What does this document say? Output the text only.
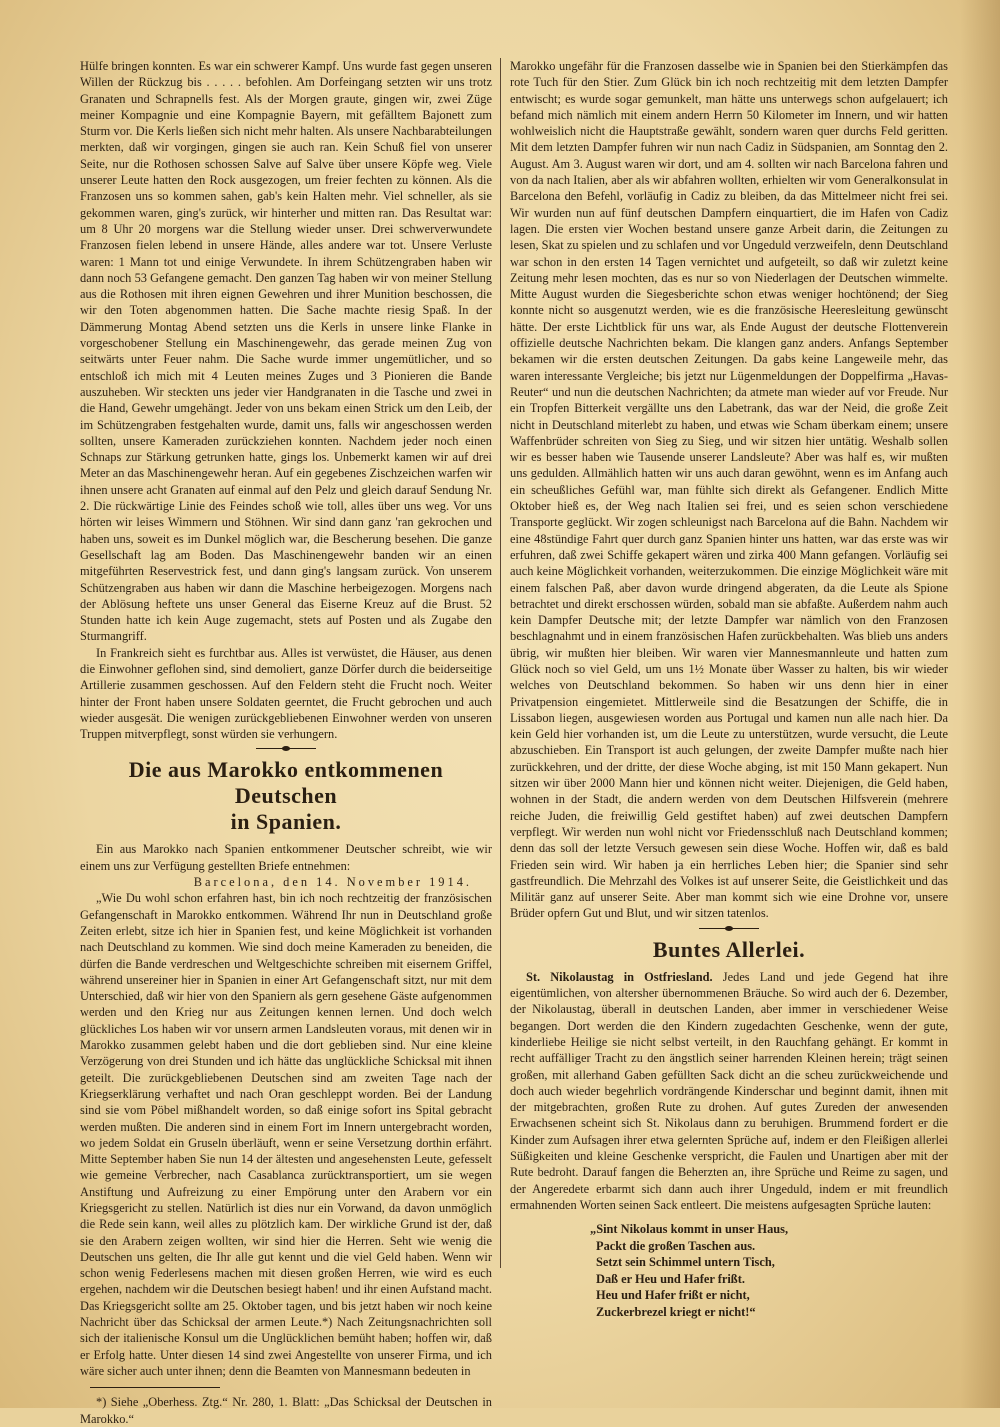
Hülfe bringen konnten. Es war ein schwerer Kampf. Uns wurde fast gegen unseren Willen der Rückzug bis . . . . . befohlen. Am Dorfeingang setzten wir uns trotz Granaten und Schrapnells fest. Als der Morgen graute, gingen wir, zwei Züge meiner Kompagnie und eine Kompagnie Bayern, mit gefälltem Bajonett zum Sturm vor. Die Kerls ließen sich nicht mehr halten. Als unsere Nachbarabteilungen merkten, daß wir vorgingen, gingen sie auch ran. Kein Schuß fiel von unserer Seite, nur die Rothosen schossen Salve auf Salve über unsere Köpfe weg. Viele unserer Leute hatten den Rock ausgezogen, um freier fechten zu können. Als die Franzosen uns so kommen sahen, gab's kein Halten mehr. Viel schneller, als sie gekommen waren, ging's zurück, wir hinterher und mitten ran. Das Resultat war: um 8 Uhr 20 morgens war die Stellung wieder unser. Drei schwerverwundete Franzosen fielen lebend in unsere Hände, alles andere war tot. Unsere Verluste waren: 1 Mann tot und einige Verwundete. In ihrem Schützengraben haben wir dann noch 53 Gefangene gemacht. Den ganzen Tag haben wir von meiner Stellung aus die Rothosen mit ihren eignen Gewehren und ihrer Munition beschossen, die wir den Toten abgenommen hatten. Die Sache machte riesig Spaß. In der Dämmerung Montag Abend setzten uns die Kerls in unsere linke Flanke in vorgeschobener Stellung ein Maschinengewehr, das gerade meinen Zug von seitwärts unter Feuer nahm. Die Sache wurde immer ungemütlicher, und so entschloß ich mich mit 4 Leuten meines Zuges und 3 Pionieren die Bande auszuheben. Wir steckten uns jeder vier Handgranaten in die Tasche und zwei in die Hand, Gewehr umgehängt. Jeder von uns bekam einen Strick um den Leib, der im Schützengraben festgehalten wurde, damit uns, falls wir angeschossen werden sollten, unsere Kameraden zurückziehen konnten. Nachdem jeder noch einen Schnaps zur Stärkung getrunken hatte, gings los. Unbemerkt kamen wir auf drei Meter an das Maschinengewehr heran. Auf ein gegebenes Zischzeichen warfen wir ihnen unsere acht Granaten auf einmal auf den Pelz und gleich darauf Sendung Nr. 2. Die rückwärtige Linie des Feindes schoß wie toll, alles über uns weg. Vor uns hörten wir leises Wimmern und Stöhnen. Wir sind dann ganz 'ran gekrochen und haben uns, soweit es im Dunkel möglich war, die Bescherung besehen. Die ganze Gesellschaft lag am Boden. Das Maschinengewehr banden wir an einen mitgeführten Reservestrick fest, und dann ging's langsam zurück. Von unserem Schützengraben aus haben wir dann die Maschine herbeigezogen. Morgens nach der Ablösung heftete uns unser General das Eiserne Kreuz auf die Brust. 52 Stunden hatte ich kein Auge zugemacht, stets auf Posten und als Zugabe den Sturmangriff.

In Frankreich sieht es furchtbar aus. Alles ist verwüstet, die Häuser, aus denen die Einwohner geflohen sind, sind demoliert, ganze Dörfer durch die beiderseitige Artillerie zusammen geschossen. Auf den Feldern steht die Frucht noch. Weiter hinter der Front haben unsere Soldaten geerntet, die Frucht gebrochen und auch wieder ausgesät. Die wenigen zurückgebliebenen Einwohner werden von unseren Truppen mitverpflegt, sonst würden sie verhungern.

Die aus Marokko entkommenen Deutschen
in Spanien.

Ein aus Marokko nach Spanien entkommener Deutscher schreibt, wie wir einem uns zur Verfügung gestellten Briefe entnehmen:

Barcelona, den 14. November 1914.

„Wie Du wohl schon erfahren hast, bin ich noch rechtzeitig der französischen Gefangenschaft in Marokko entkommen. Während Ihr nun in Deutschland große Zeiten erlebt, sitze ich hier in Spanien fest, und keine Möglichkeit ist vorhanden nach Deutschland zu kommen. Wie sind doch meine Kameraden zu beneiden, die dürfen die Bande verdreschen und Weltgeschichte schreiben mit eisernem Griffel, während unsereiner hier in Spanien in einer Art Gefangenschaft sitzt, nur mit dem Unterschied, daß wir hier von den Spaniern als gern gesehene Gäste aufgenommen werden und den Krieg nur aus Zeitungen kennen lernen. Und doch welch glückliches Los haben wir vor unsern armen Landsleuten voraus, mit denen wir in Marokko zusammen gelebt haben und die dort geblieben sind. Nur eine kleine Verzögerung von drei Stunden und ich hätte das unglückliche Schicksal mit ihnen geteilt. Die zurückgebliebenen Deutschen sind am zweiten Tage nach der Kriegserklärung verhaftet und nach Oran geschleppt worden. Bei der Landung sind sie vom Pöbel mißhandelt worden, so daß einige sofort ins Spital gebracht werden mußten. Die anderen sind in einem Fort im Innern untergebracht worden, wo jedem Soldat ein Gruseln überläuft, wenn er seine Versetzung dorthin erfährt. Mitte September haben Sie nun 14 der ältesten und angesehensten Leute, gefesselt wie gemeine Verbrecher, nach Casablanca zurücktransportiert, um sie wegen Anstiftung und Aufreizung zu einer Empörung unter den Arabern vor ein Kriegsgericht zu stellen. Natürlich ist dies nur ein Vorwand, da davon unmöglich die Rede sein kann, weil alles zu plötzlich kam. Der wirkliche Grund ist der, daß sie den Arabern zeigen wollten, wir sind hier die Herren. Seht wie wenig die Deutschen uns gelten, die Ihr alle gut kennt und die viel Geld haben. Wenn wir schon wenig Federlesens machen mit diesen großen Herren, wie wird es euch ergehen, nachdem wir die Deutschen besiegt haben! und ihr einen Aufstand macht. Das Kriegsgericht sollte am 25. Oktober tagen, und bis jetzt haben wir noch keine Nachricht über das Schicksal der armen Leute.*) Nach Zeitungsnachrichten soll sich der italienische Konsul um die Unglücklichen bemüht haben; hoffen wir, daß er Erfolg hatte. Unter diesen 14 sind zwei Angestellte von unserer Firma, und ich wäre sicher auch unter ihnen; denn die Beamten von Mannesmann bedeuten in

*) Siehe „Oberhess. Ztg.“ Nr. 280, 1. Blatt: „Das Schicksal der Deutschen in Marokko.“

Marokko ungefähr für die Franzosen dasselbe wie in Spanien bei den Stierkämpfen das rote Tuch für den Stier. Zum Glück bin ich noch rechtzeitig mit dem letzten Dampfer entwischt; es wurde sogar gemunkelt, man hätte uns unterwegs schon aufgelauert; ich befand mich nämlich mit einem andern Herrn 50 Kilometer im Innern, und wir hatten wohlweislich nicht die Hauptstraße gewählt, sondern waren quer durchs Feld geritten. Mit dem letzten Dampfer fuhren wir nun nach Cadiz in Südspanien, am Sonntag den 2. August. Am 3. August waren wir dort, und am 4. sollten wir nach Barcelona fahren und von da nach Italien, aber als wir abfahren wollten, erhielten wir vom Generalkonsulat in Barcelona den Befehl, vorläufig in Cadiz zu bleiben, da das Mittelmeer nicht frei sei. Wir wurden nun auf fünf deutschen Dampfern einquartiert, die im Hafen von Cadiz lagen. Die ersten vier Wochen bestand unsere ganze Arbeit darin, die Zeitungen zu lesen, Skat zu spielen und zu schlafen und vor Ungeduld verzweifeln, denn Deutschland war schon in den ersten 14 Tagen vernichtet und aufgeteilt, so daß wir zuletzt keine Zeitung mehr lesen mochten, das es nur so von Niederlagen der Deutschen wimmelte. Mitte August wurden die Siegesberichte schon etwas weniger hochtönend; der Sieg konnte nicht so ausgenutzt werden, wie es die französische Heeresleitung gewünscht hätte. Der erste Lichtblick für uns war, als Ende August der deutsche Flottenverein offizielle deutsche Nachrichten bekam. Die klangen ganz anders. Anfangs September bekamen wir die ersten deutschen Zeitungen. Da gabs keine Langeweile mehr, das waren interessante Vergleiche; bis jetzt nur Lügenmeldungen der Doppelfirma „Havas-Reuter“ und nun die deutschen Nachrichten; da atmete man wieder auf vor Freude. Nur ein Tropfen Bitterkeit vergällte uns den Labetrank, das war der Neid, die große Zeit nicht in Deutschland miterlebt zu haben, und etwas wie Scham überkam einem; unsere Waffenbrüder schreiten von Sieg zu Sieg, und wir sitzen hier untätig. Weshalb sollen wir es besser haben wie Tausende unserer Landsleute? Aber was half es, wir mußten uns gedulden. Allmählich hatten wir uns auch daran gewöhnt, wenn es im Anfang auch ein scheußliches Gefühl war, man fühlte sich direkt als Gefangener. Endlich Mitte Oktober hieß es, der Weg nach Italien sei frei, und es seien schon verschiedene Transporte geglückt. Wir zogen schleunigst nach Barcelona auf die Bahn. Nachdem wir eine 48stündige Fahrt quer durch ganz Spanien hinter uns hatten, war das erste was wir erfuhren, daß zwei Schiffe gekapert wären und zirka 400 Mann gefangen. Vorläufig sei auch keine Möglichkeit vorhanden, weiterzukommen. Die einzige Möglichkeit wäre mit einem falschen Paß, aber davon wurde dringend abgeraten, da die Leute als Spione betrachtet und direkt erschossen würden, sobald man sie abfaßte. Außerdem nahm auch kein Dampfer Deutsche mit; der letzte Dampfer war nämlich von den Franzosen beschlagnahmt und in einem französischen Hafen zurückbehalten. Was blieb uns anders übrig, wir mußten hier bleiben. Wir waren vier Mannesmannleute und hatten zum Glück noch so viel Geld, um uns 1½ Monate über Wasser zu halten, bis wir wieder welches von Deutschland bekommen. So haben wir uns denn hier in einer Privatpension eingemietet. Mittlerweile sind die Besatzungen der Schiffe, die in Lissabon liegen, ausgewiesen worden aus Portugal und kamen nun alle nach hier. Da kein Geld hier vorhanden ist, um die Leute zu unterstützen, wurde versucht, die Leute abzuschieben. Ein Transport ist auch gelungen, der zweite Dampfer mußte nach hier zurückkehren, und der dritte, der diese Woche abging, ist mit 150 Mann gekapert. Nun sitzen wir über 2000 Mann hier und können nicht weiter. Diejenigen, die Geld haben, wohnen in der Stadt, die andern werden von dem Deutschen Hilfsverein (mehrere reiche Juden, die freiwillig Geld gestiftet haben) auf zwei deutschen Dampfern verpflegt. Wir werden nun wohl nicht vor Friedensschluß nach Deutschland kommen; denn das soll der letzte Versuch gewesen sein diese Woche. Hoffen wir, daß es bald Frieden sein wird. Wir haben ja ein herrliches Leben hier; die Spanier sind sehr gastfreundlich. Die Mehrzahl des Volkes ist auf unserer Seite, die Geistlichkeit und das Militär ganz auf unserer Seite. Aber man kommt sich wie eine Drohne vor, unsere Brüder opfern Gut und Blut, und wir sitzen tatenlos.

Buntes Allerlei.

St. Nikolaustag in Ostfriesland. Jedes Land und jede Gegend hat ihre eigentümlichen, von altersher übernommenen Bräuche. So wird auch der 6. Dezember, der Nikolaustag, überall in deutschen Landen, aber immer in verschiedener Weise begangen. Dort werden die den Kindern zugedachten Geschenke, wenn der gute, kinderliebe Heilige sie nicht selbst verteilt, in den Rauchfang gehängt. Er kommt in recht auffälliger Tracht zu den ängstlich seiner harrenden Kleinen herein; trägt seinen großen, mit allerhand Gaben gefüllten Sack dicht an die scheu zurückweichende und doch auch wieder begehrlich vordrängende Kinderschar und beginnt damit, ihnen mit der mitgebrachten, großen Rute zu drohen. Auf gutes Zureden der anwesenden Erwachsenen scheint sich St. Nikolaus dann zu beruhigen. Brummend fordert er die Kinder zum Aufsagen ihrer etwa gelernten Sprüche auf, indem er den Fleißigen allerlei Süßigkeiten und kleine Geschenke verspricht, die Faulen und Unartigen aber mit der Rute bedroht. Darauf fangen die Beherzten an, ihre Sprüche und Reime zu sagen, und der Angeredete erbarmt sich dann auch ihrer Ungeduld, indem er mit freundlich ermahnenden Worten seinen Sack entleert. Die meistens aufgesagten Sprüche lauten:

„Sint Nikolaus kommt in unser Haus,
Packt die großen Taschen aus.
Setzt sein Schimmel untern Tisch,
Daß er Heu und Hafer frißt.
Heu und Hafer frißt er nicht,
Zuckerbrezel kriegt er nicht!“
